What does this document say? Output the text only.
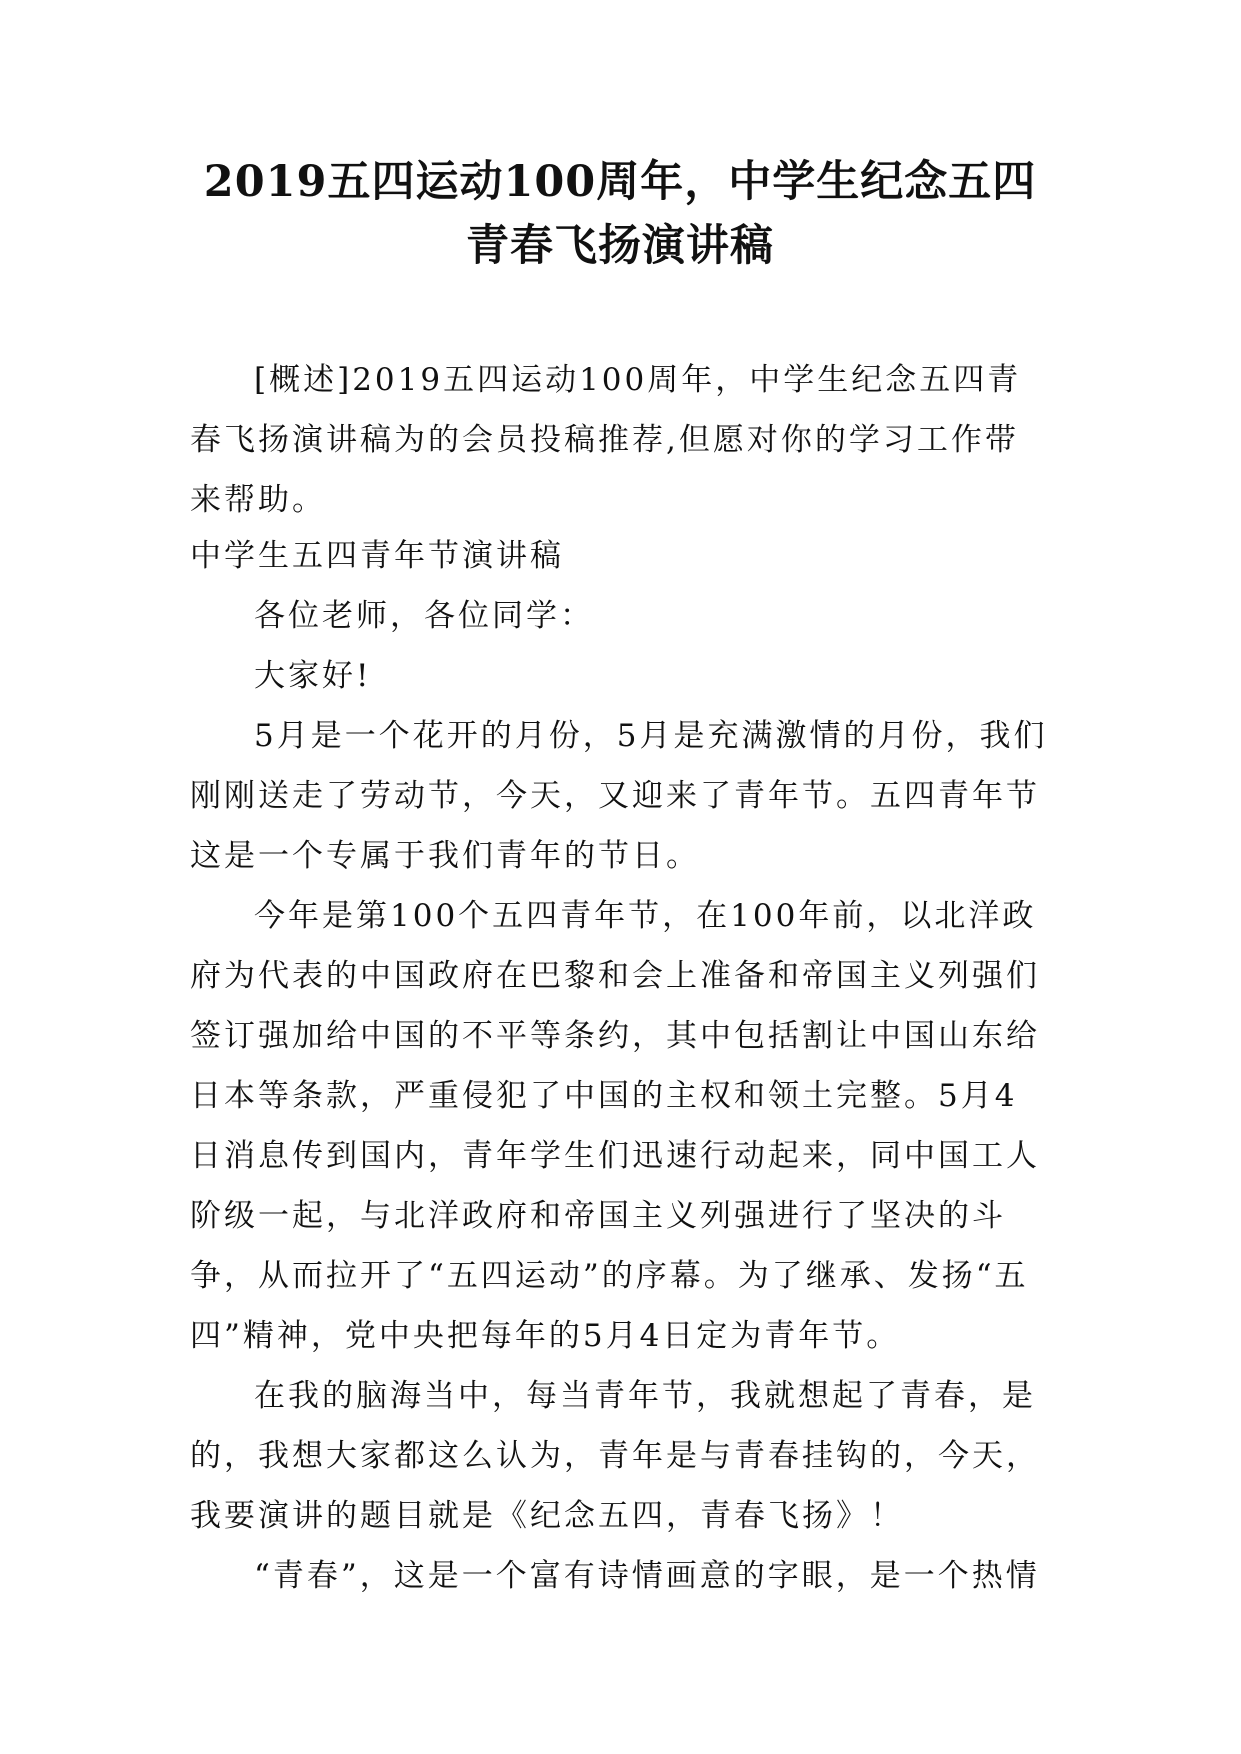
2019五四运动100周年，中学生纪念五四青春飞扬演讲稿

[概述]2019五四运动100周年，中学生纪念五四青春飞扬演讲稿为的会员投稿推荐,但愿对你的学习工作带来帮助。

中学生五四青年节演讲稿

各位老师，各位同学：

大家好!

5月是一个花开的月份，5月是充满激情的月份，我们刚刚送走了劳动节，今天，又迎来了青年节。五四青年节这是一个专属于我们青年的节日。

今年是第100个五四青年节，在100年前，以北洋政府为代表的中国政府在巴黎和会上准备和帝国主义列强们签订强加给中国的不平等条约，其中包括割让中国山东给日本等条款，严重侵犯了中国的主权和领土完整。5月4日消息传到国内，青年学生们迅速行动起来，同中国工人阶级一起，与北洋政府和帝国主义列强进行了坚决的斗争，从而拉开了“五四运动”的序幕。为了继承、发扬“五四”精神，党中央把每年的5月4日定为青年节。

在我的脑海当中，每当青年节，我就想起了青春，是的，我想大家都这么认为，青年是与青春挂钩的，今天，我要演讲的题目就是《纪念五四，青春飞扬》！

“青春”，这是一个富有诗情画意的字眼，是一个热情
